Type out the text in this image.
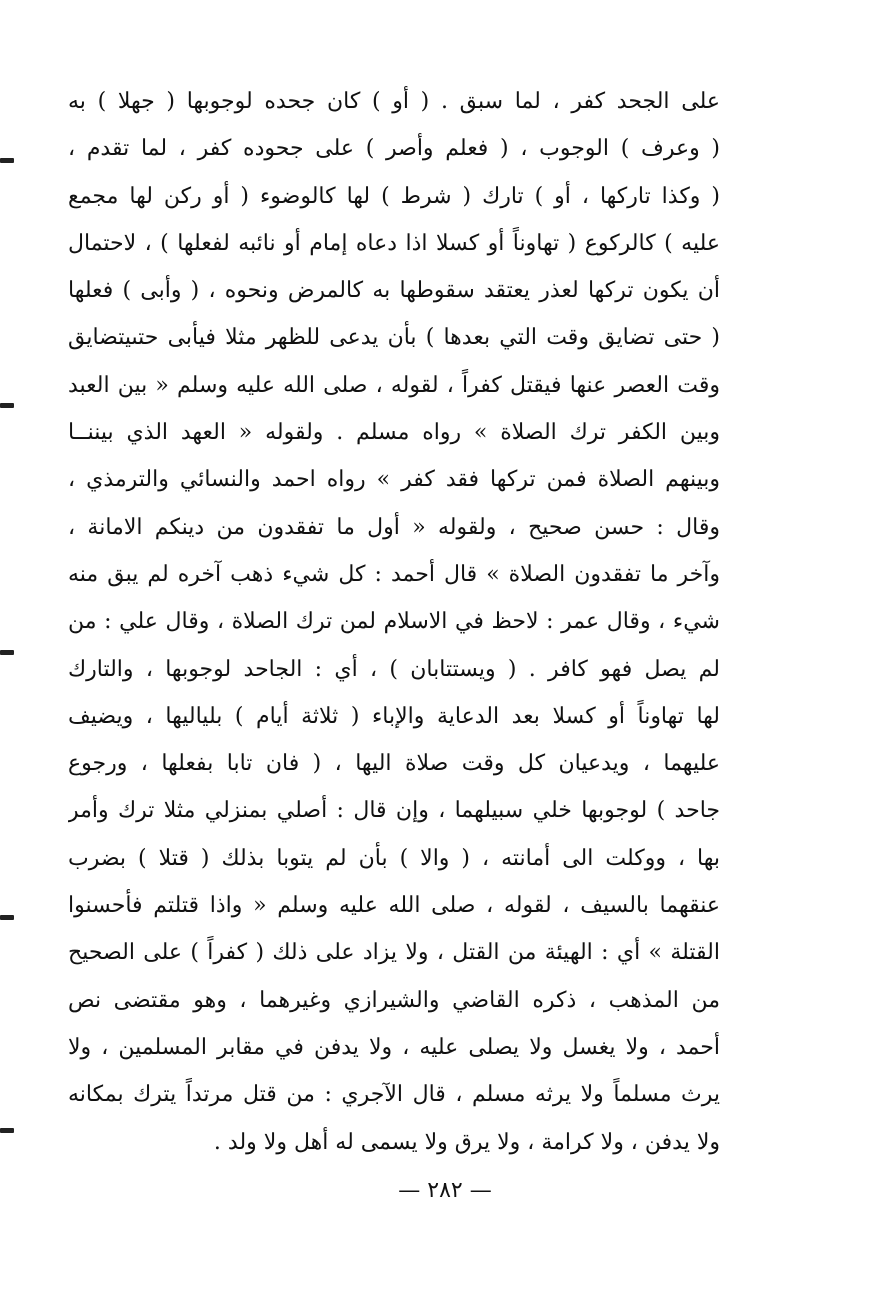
على الجحد كفر ، لما سبق . ( أو ) كان جحده لوجوبها ( جهلا ) به
( وعرف ) الوجوب ، ( فعلم وأصر ) على جحوده كفر ، لما تقدم ،
( وكذا تاركها ، أو ) تارك ( شرط ) لها كالوضوء ( أو ركن لها مجمع
عليه ) كالركوع ( تهاوناً أو كسلا اذا دعاه إمام أو نائبه لفعلها ) ، لاحتمال
أن يكون تركها لعذر يعتقد سقوطها به كالمرض ونحوه ، ( وأبى ) فعلها
( حتى تضايق وقت التي بعدها ) بأن يدعى للظهر مثلا فيأبى حتىيتضايق
وقت العصر عنها فيقتل كفراً ، لقوله ، صلى الله عليه وسلم « بين العبد
وبين الكفر ترك الصلاة » رواه مسلم . ولقوله « العهد الذي بيننــا
وبينهم الصلاة فمن تركها فقد كفر » رواه احمد والنسائي والترمذي ،
وقال : حسن صحيح ، ولقوله « أول ما تفقدون من دينكم الامانة ،
وآخر ما تفقدون الصلاة » قال أحمد : كل شيء ذهب آخره لم يبق منه
شيء ، وقال عمر : لاحظ في الاسلام لمن ترك الصلاة ، وقال علي : من
لم يصل فهو كافر . ( ويستتابان ) ، أي : الجاحد لوجوبها ، والتارك
لها تهاوناً أو كسلا بعد الدعاية والإباء ( ثلاثة أيام ) بلياليها ، ويضيف
عليهما ، ويدعيان كل وقت صلاة اليها ، ( فان تابا بفعلها ، ورجوع
جاحد ) لوجوبها خلي سبيلهما ، وإن قال : أصلي بمنزلي مثلا ترك وأمر
بها ، ووكلت الى أمانته ، ( والا ) بأن لم يتوبا بذلك ( قتلا ) بضرب
عنقهما بالسيف ، لقوله ، صلى الله عليه وسلم « واذا قتلتم فأحسنوا
القتلة » أي : الهيئة من القتل ، ولا يزاد على ذلك ( كفراً ) على الصحيح
من المذهب ، ذكره القاضي والشيرازي وغيرهما ، وهو مقتضى نص
أحمد ، ولا يغسل ولا يصلى عليه ، ولا يدفن في مقابر المسلمين ، ولا
يرث مسلماً ولا يرثه مسلم ، قال الآجري : من قتل مرتداً يترك بمكانه
ولا يدفن ، ولا كرامة ، ولا يرق ولا يسمى له أهل ولا ولد .
— ٢٨٢ —
